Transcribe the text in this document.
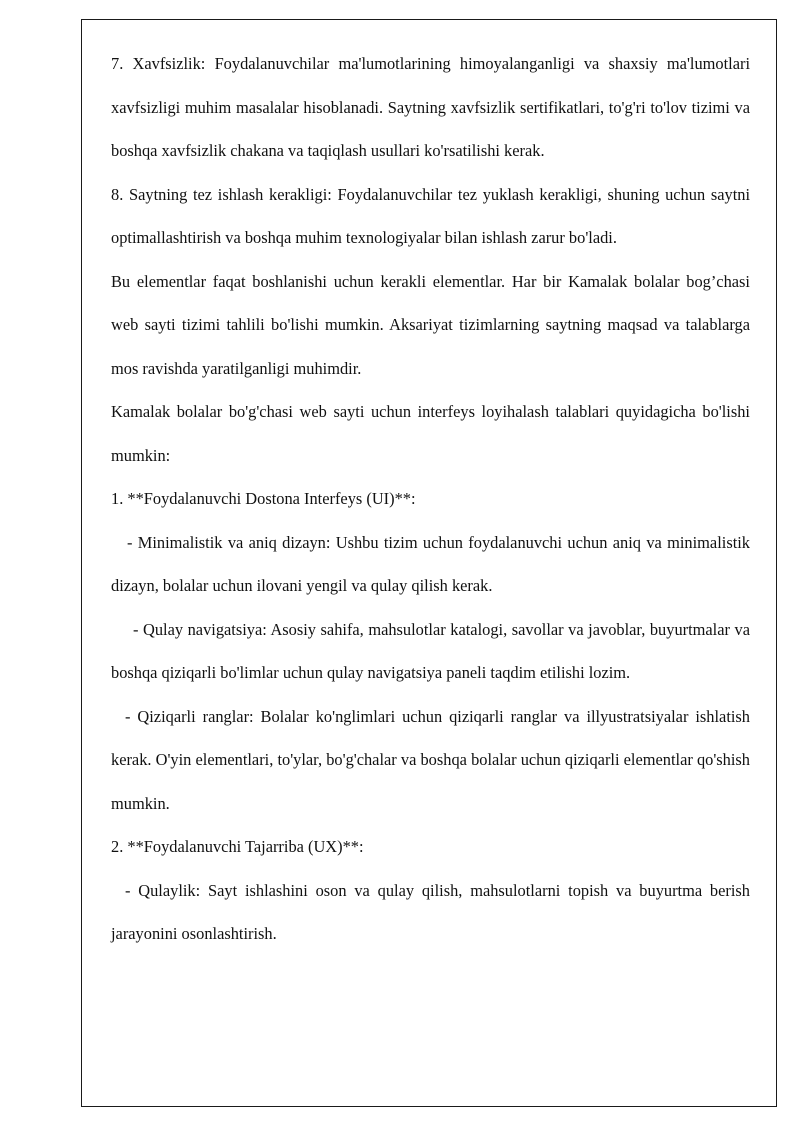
7. Xavfsizlik: Foydalanuvchilar ma'lumotlarining himoyalanganligi va shaxsiy ma'lumotlari xavfsizligi muhim masalalar hisoblanadi. Saytning xavfsizlik sertifikatlari, to'g'ri to'lov tizimi va boshqa xavfsizlik chakana va taqiqlash usullari ko'rsatilishi kerak.

8. Saytning tez ishlash kerakligi: Foydalanuvchilar tez yuklash kerakligi, shuning uchun saytni optimallashtirish va boshqa muhim texnologiyalar bilan ishlash zarur bo'ladi.

Bu elementlar faqat boshlanishi uchun kerakli elementlar. Har bir Kamalak bolalar bog’chasi web sayti tizimi tahlili bo'lishi mumkin. Aksariyat tizimlarning saytning maqsad va talablarga mos ravishda yaratilganligi muhimdir.

Kamalak bolalar bo'g'chasi web sayti uchun interfeys loyihalash talablari quyidagicha bo'lishi mumkin:

1. **Foydalanuvchi Dostona Interfeys (UI)**:

- Minimalistik va aniq dizayn: Ushbu tizim uchun foydalanuvchi uchun aniq va minimalistik dizayn, bolalar uchun ilovani yengil va qulay qilish kerak.

- Qulay navigatsiya: Asosiy sahifa, mahsulotlar katalogi, savollar va javoblar, buyurtmalar va boshqa qiziqarli bo'limlar uchun qulay navigatsiya paneli taqdim etilishi lozim.

- Qiziqarli ranglar: Bolalar ko'nglimlari uchun qiziqarli ranglar va illyustratsiyalar ishlatish kerak. O'yin elementlari, to'ylar, bo'g'chalar va boshqa bolalar uchun qiziqarli elementlar qo'shish mumkin.

2. **Foydalanuvchi Tajarriba (UX)**:

- Qulaylik: Sayt ishlashini oson va qulay qilish, mahsulotlarni topish va buyurtma berish jarayonini osonlashtirish.
